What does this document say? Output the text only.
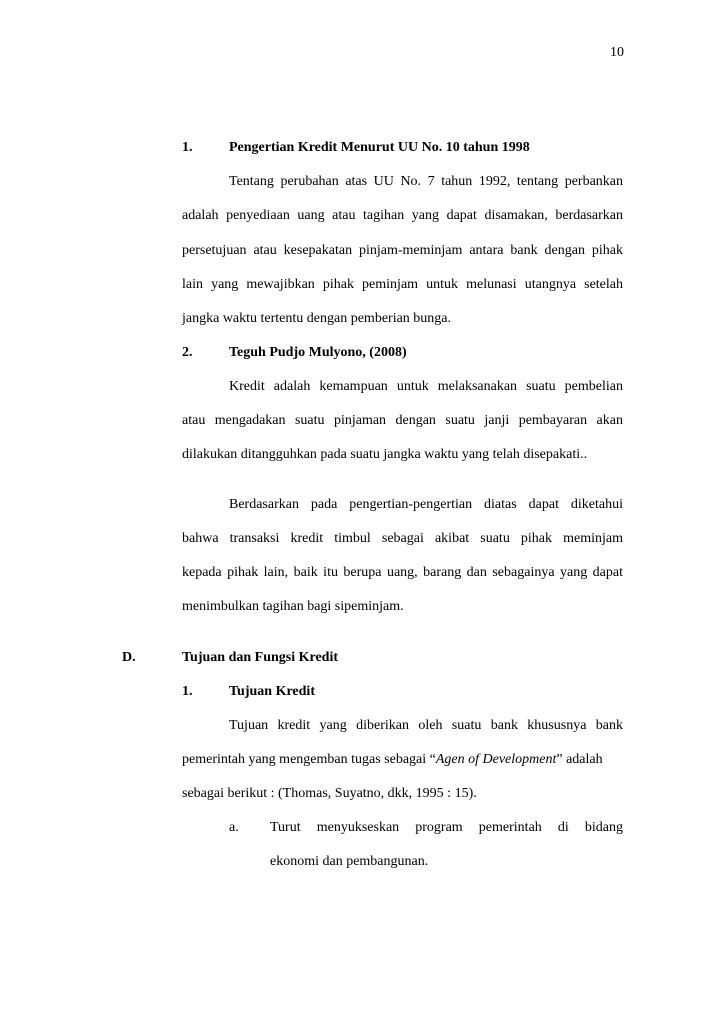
10
1.	Pengertian Kredit Menurut UU No. 10 tahun 1998
Tentang perubahan atas UU No. 7 tahun 1992, tentang perbankan
adalah penyediaan uang atau tagihan yang dapat disamakan, berdasarkan
persetujuan atau kesepakatan pinjam-meminjam antara bank dengan pihak
lain yang mewajibkan pihak peminjam untuk melunasi utangnya setelah
jangka waktu tertentu dengan pemberian bunga.
2.	Teguh Pudjo Mulyono, (2008)
Kredit adalah kemampuan untuk melaksanakan suatu pembelian
atau mengadakan suatu pinjaman dengan suatu janji pembayaran akan
dilakukan ditangguhkan pada suatu jangka waktu yang telah disepakati..
Berdasarkan pada pengertian-pengertian diatas dapat diketahui
bahwa transaksi kredit timbul sebagai akibat suatu pihak meminjam
kepada pihak lain, baik itu berupa uang, barang dan sebagainya yang dapat
menimbulkan tagihan bagi sipeminjam.
D.	Tujuan dan Fungsi Kredit
1.	Tujuan Kredit
Tujuan kredit yang diberikan oleh suatu bank khususnya bank
pemerintah yang mengemban tugas sebagai “Agen of Development” adalah
sebagai berikut : (Thomas, Suyatno, dkk, 1995 : 15).
a. Turut menyukseskan program pemerintah di bidang
ekonomi dan pembangunan.
